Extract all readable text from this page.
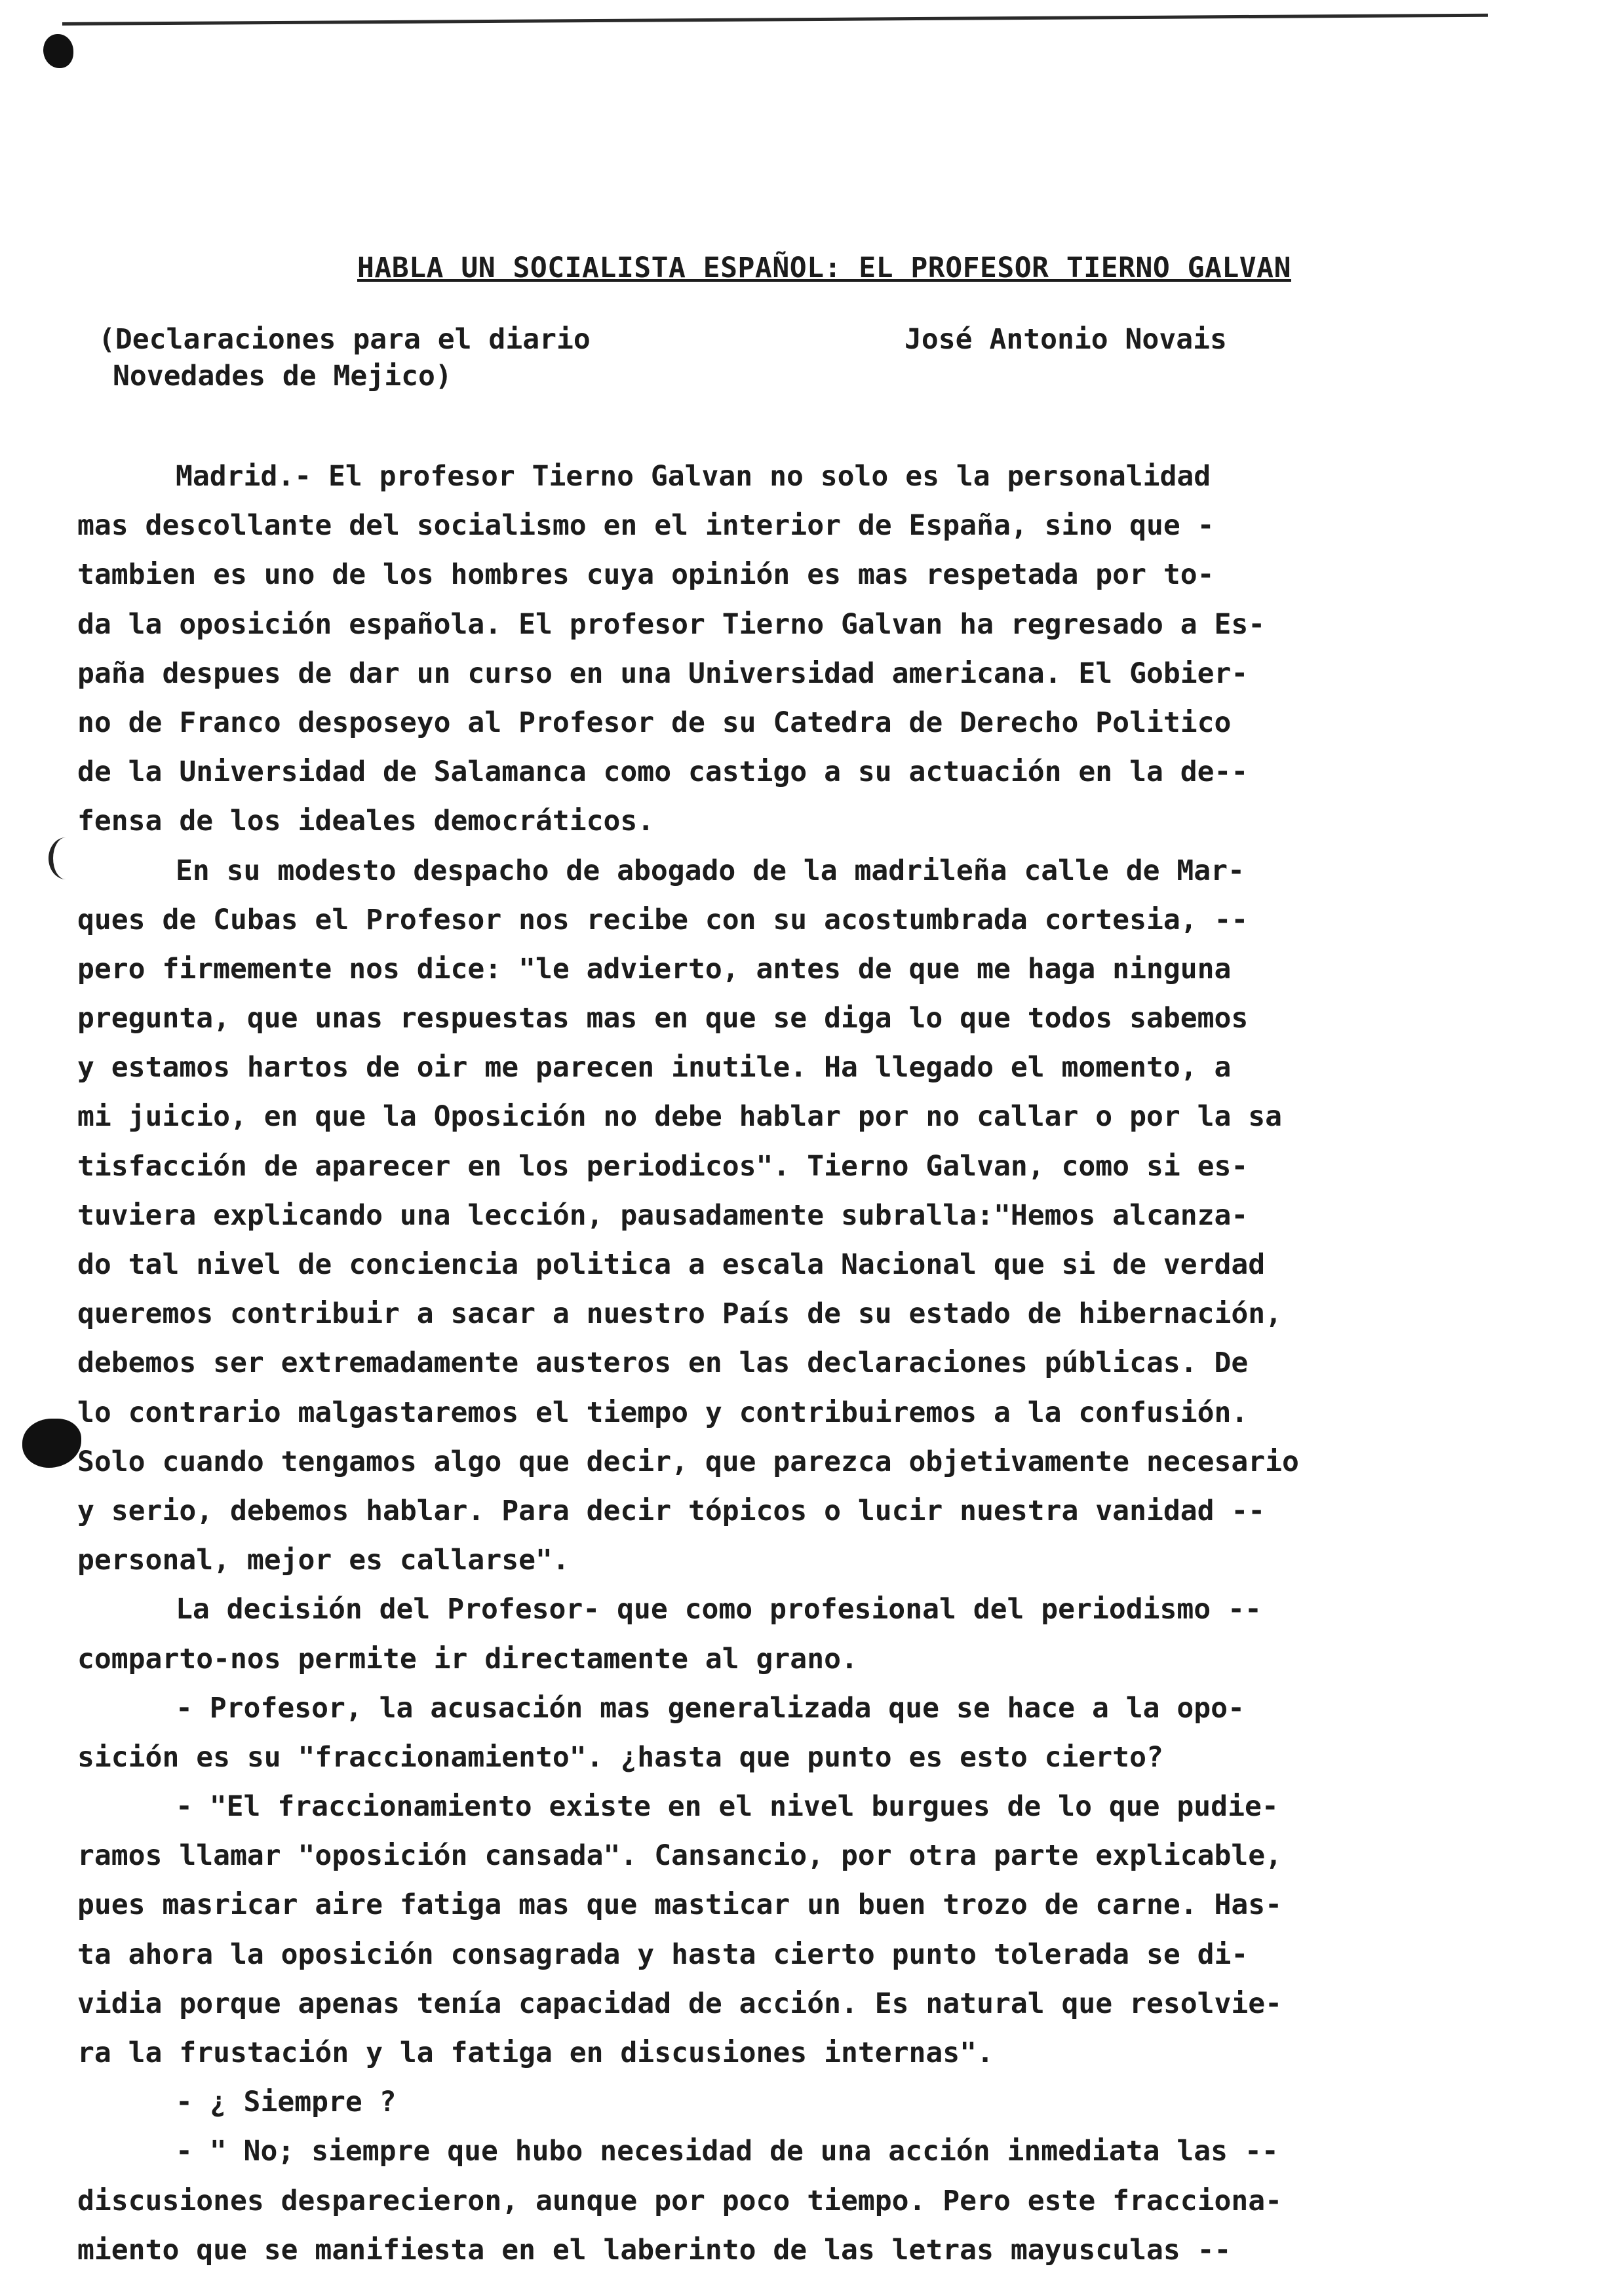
HABLA UN SOCIALISTA ESPAÑOL: EL PROFESOR TIERNO GALVAN
(Declaraciones para el diario
Novedades de Mejico)
José Antonio Novais
Madrid.- El profesor Tierno Galvan no solo es la personalidad
mas descollante del socialismo en el interior de España, sino que -
tambien es uno de los hombres cuya opinión es mas respetada por to-
da la oposición española. El profesor Tierno Galvan ha regresado a Es-
paña despues de dar un curso en una Universidad americana. El Gobier-
no de Franco desposeyo al Profesor de su Catedra de Derecho Politico
de la Universidad de Salamanca como castigo a su actuación en la de--
fensa de los ideales democráticos.
En su modesto despacho de abogado de la madrileña calle de Mar-
ques de Cubas el Profesor nos recibe con su acostumbrada cortesia, --
pero firmemente nos dice: "le advierto, antes de que me haga ninguna
pregunta, que unas respuestas mas en que se diga lo que todos sabemos
y estamos hartos de oir me parecen inutile. Ha llegado el momento, a
mi juicio, en que la Oposición no debe hablar por no callar o por la sa
tisfacción de aparecer en los periodicos". Tierno Galvan, como si es-
tuviera explicando una lección, pausadamente subralla:"Hemos alcanza-
do tal nivel de conciencia politica a escala Nacional que si de verdad
queremos contribuir a sacar a nuestro País de su estado de hibernación,
debemos ser extremadamente austeros en las declaraciones públicas. De
lo contrario malgastaremos el tiempo y contribuiremos a la confusión.
Solo cuando tengamos algo que decir, que parezca objetivamente necesario
y serio, debemos hablar. Para decir tópicos o lucir nuestra vanidad --
personal, mejor es callarse".
La decisión del Profesor- que como profesional del periodismo --
comparto-nos permite ir directamente al grano.
- Profesor, la acusación mas generalizada que se hace a la opo-
sición es su "fraccionamiento". ¿hasta que punto es esto cierto?
- "El fraccionamiento existe en el nivel burgues de lo que pudie-
ramos llamar "oposición cansada". Cansancio, por otra parte explicable,
pues masricar aire fatiga mas que masticar un buen trozo de carne. Has-
ta ahora la oposición consagrada y hasta cierto punto tolerada se di-
vidia porque apenas tenía capacidad de acción. Es natural que resolvie-
ra la frustación y la fatiga en discusiones internas".
- ¿ Siempre ?
- " No; siempre que hubo necesidad de una acción inmediata las --
discusiones desparecieron, aunque por poco tiempo. Pero este fracciona-
miento que se manifiesta en el laberinto de las letras mayusculas --
